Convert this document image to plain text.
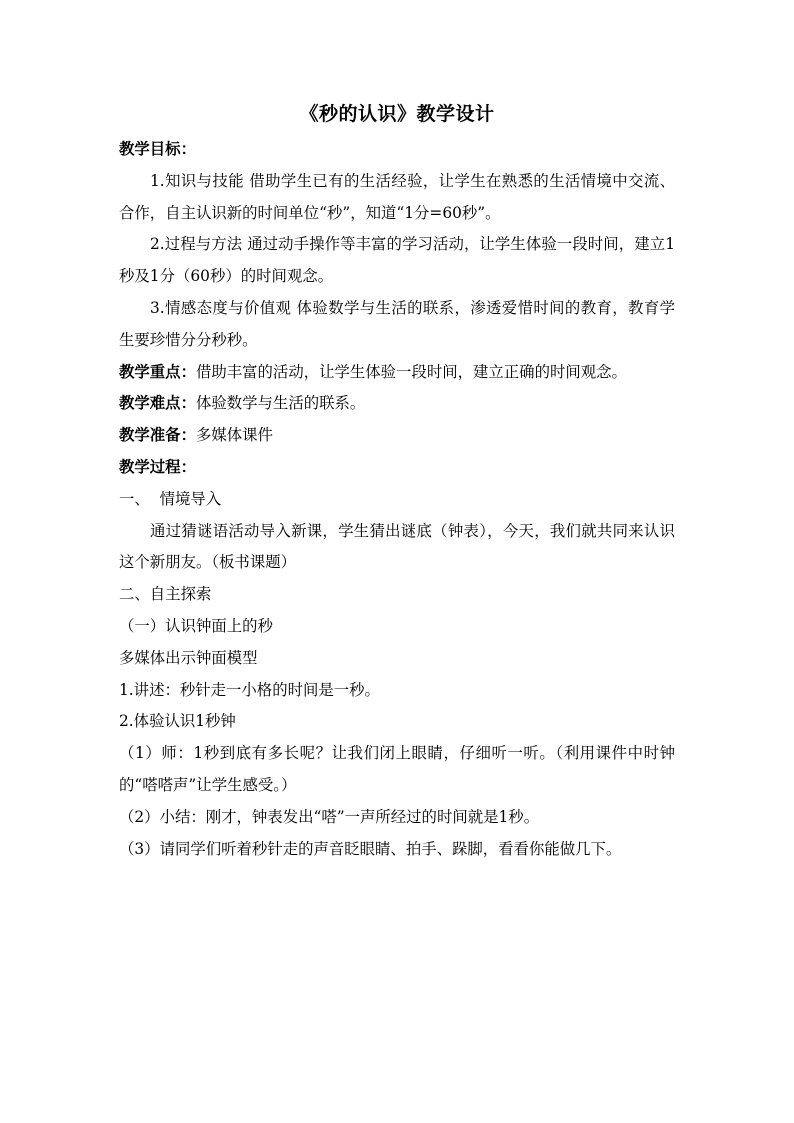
《秒的认识》教学设计

教学目标：

1.知识与技能 借助学生已有的生活经验，让学生在熟悉的生活情境中交流、合作，自主认识新的时间单位“秒”，知道“1分=60秒”。

2.过程与方法 通过动手操作等丰富的学习活动，让学生体验一段时间，建立1秒及1分（60秒）的时间观念。

3.情感态度与价值观 体验数学与生活的联系，渗透爱惜时间的教育，教育学生要珍惜分分秒秒。

教学重点：借助丰富的活动，让学生体验一段时间，建立正确的时间观念。

教学难点：体验数学与生活的联系。

教学准备：多媒体课件

教学过程：

一、  情境导入

通过猜谜语活动导入新课，学生猜出谜底（钟表），今天，我们就共同来认识这个新朋友。（板书课题）

二、自主探索

（一）认识钟面上的秒

多媒体出示钟面模型

1.讲述：秒针走一小格的时间是一秒。

2.体验认识1秒钟

（1）师：1秒到底有多长呢？让我们闭上眼睛，仔细听一听。（利用课件中时钟的“嗒嗒声”让学生感受。）

（2）小结：刚才，钟表发出“嗒”一声所经过的时间就是1秒。

（3）请同学们听着秒针走的声音眨眼睛、拍手、跺脚，看看你能做几下。
